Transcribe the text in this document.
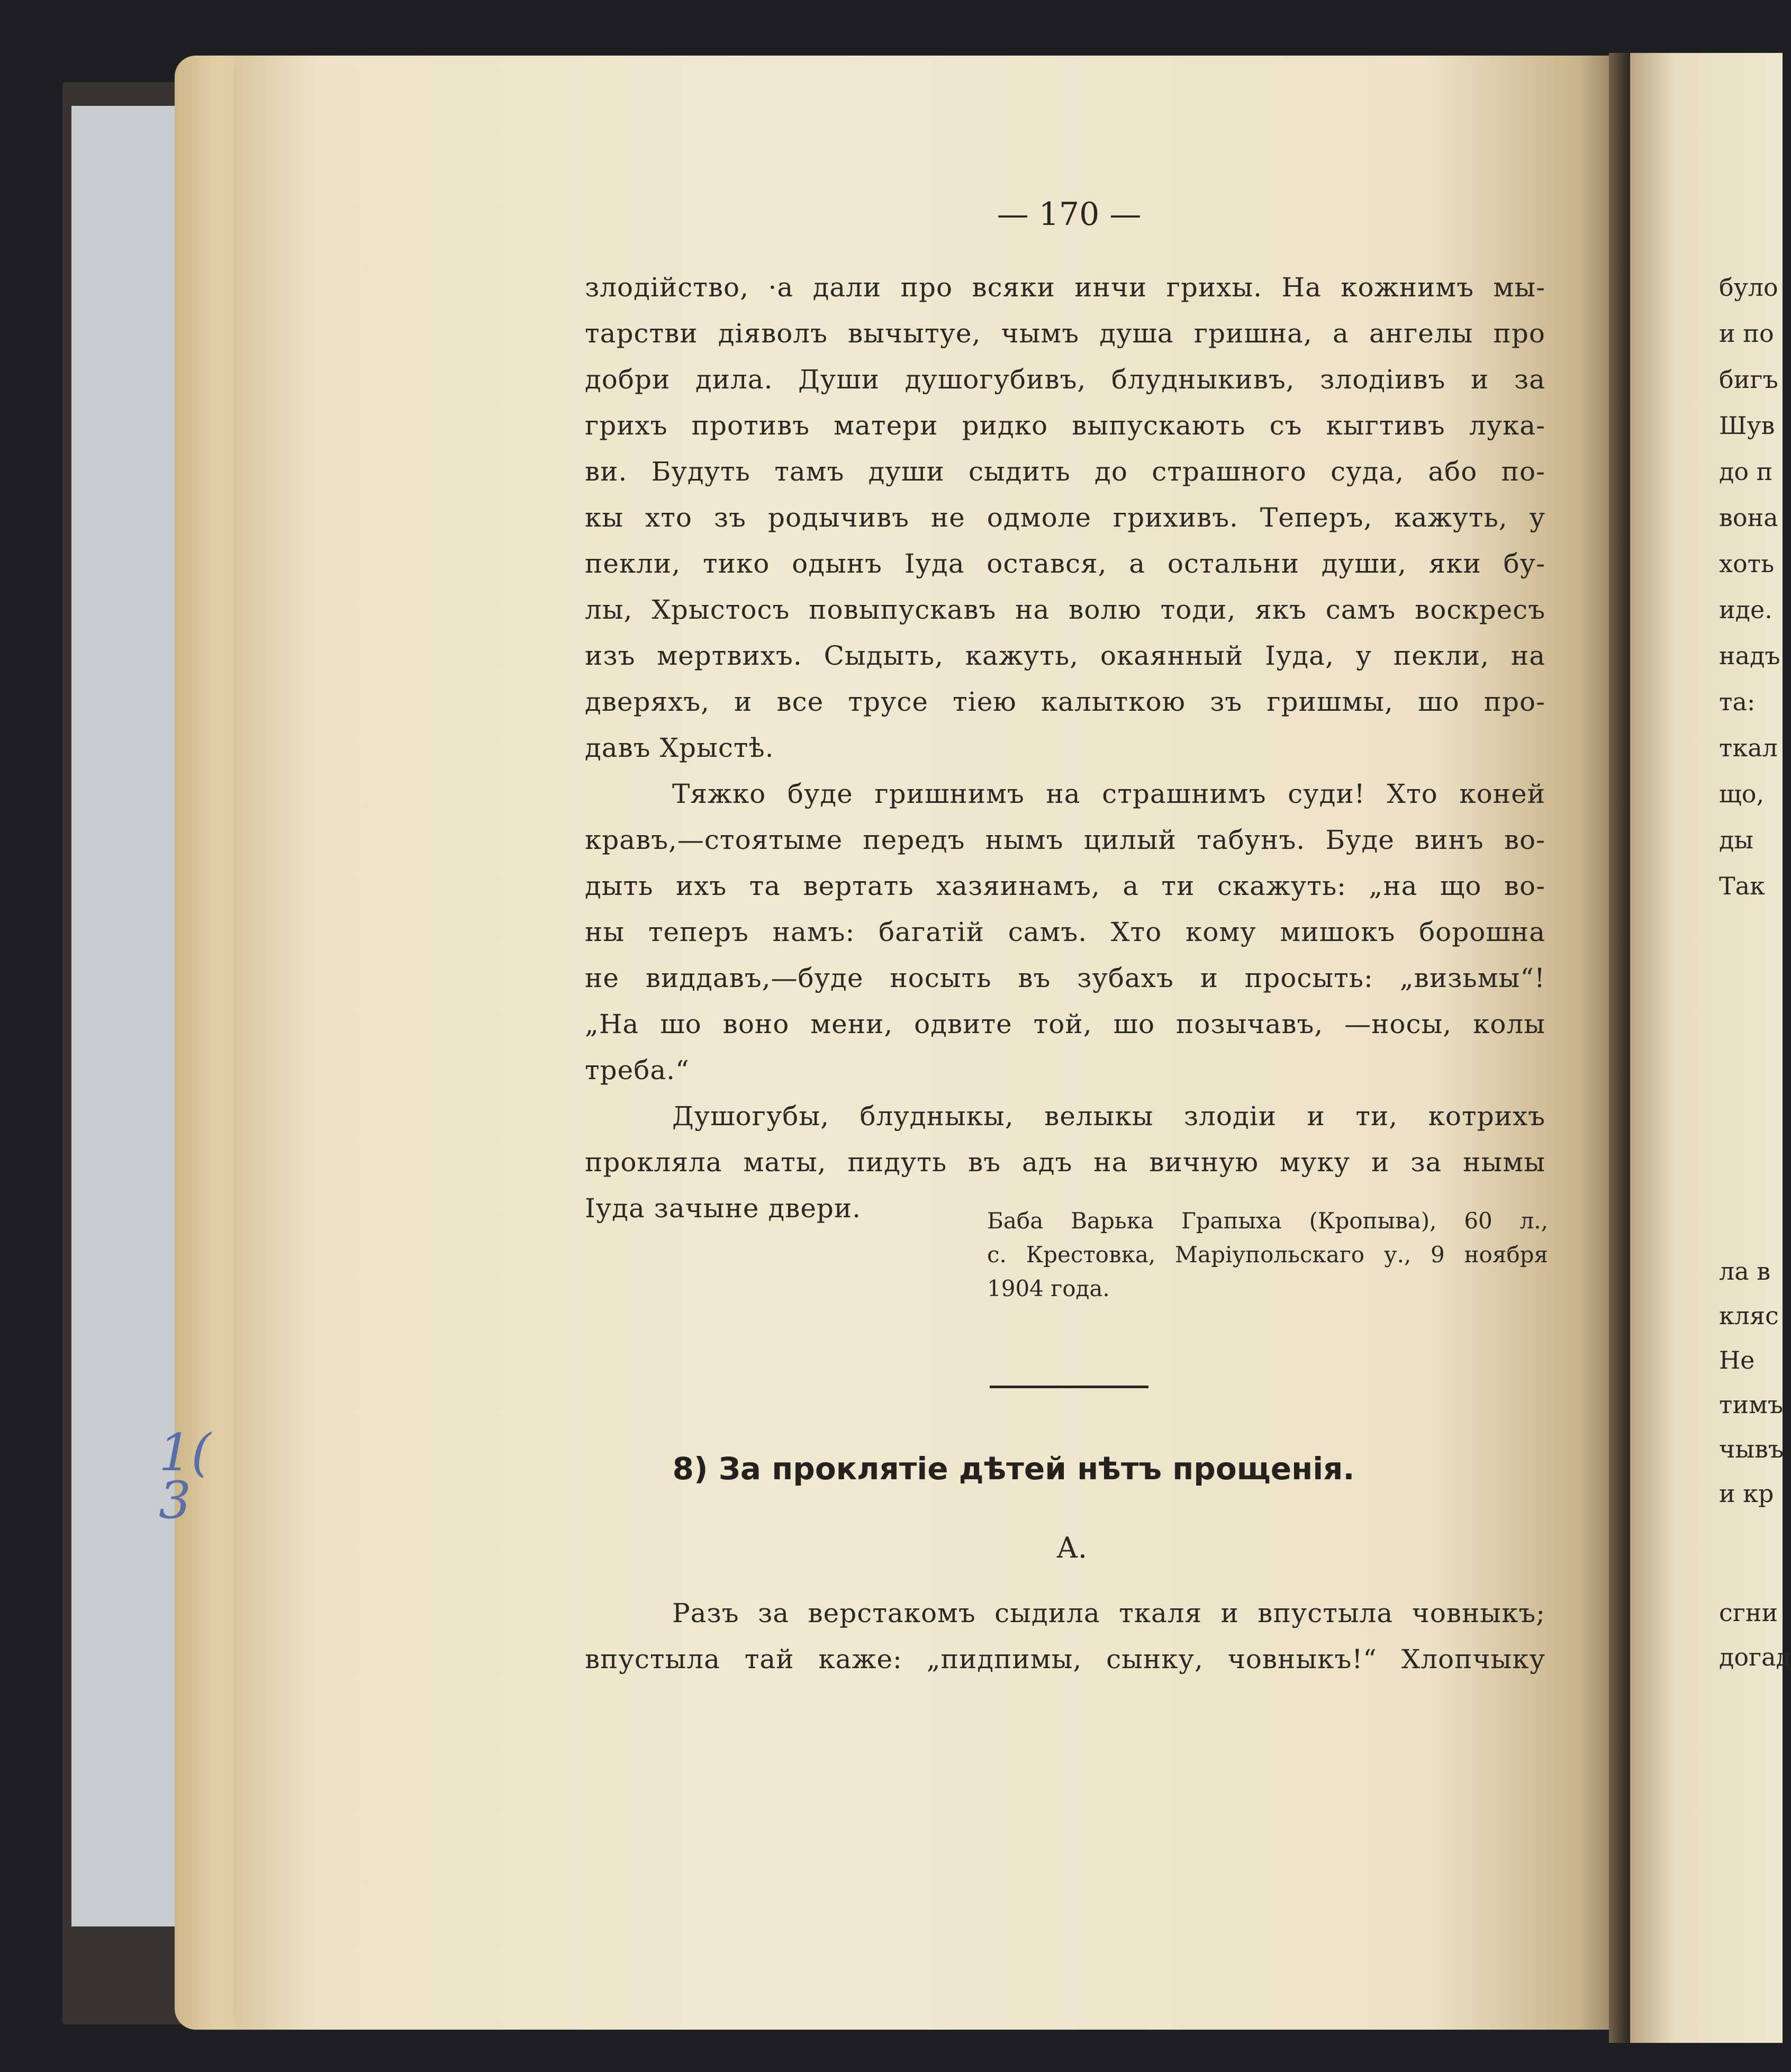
1(
3
— 170 —
злодійство, ·а дали про всяки инчи грихы. На кожнимъ мы-
тарстви діяволъ вычытуе, чымъ душа гришна, а ангелы про
добри дила. Души душогубивъ, блудныкивъ, злодіивъ и за
грихъ противъ матери ридко выпускають съ кыгтивъ лука-
ви. Будуть тамъ души сыдить до страшного суда, або по-
кы хто зъ родычивъ не одмоле грихивъ. Теперъ, кажуть, у
пекли, тико одынъ Іуда остався, а остальни души, яки бу-
лы, Хрыстосъ повыпускавъ на волю тоди, якъ самъ воскресъ
изъ мертвихъ. Сыдыть, кажуть, окаянный Іуда, у пекли, на
дверяхъ, и все трусе тіею калыткою зъ гришмы, шо про-
давъ Хрыстѣ.
Тяжко буде гришнимъ на страшнимъ суди! Хто коней
кравъ,—стоятыме передъ нымъ цилый табунъ. Буде винъ во-
дыть ихъ та вертать хазяинамъ, а ти скажуть: „на що во-
ны теперъ намъ: багатій самъ. Хто кому мишокъ борошна
не виддавъ,—буде носыть въ зубахъ и просыть: „визьмы“!
„На шо воно мени, одвите той, шо позычавъ, —носы, колы
треба.“
Душогубы, блудныкы, велыкы злодіи и ти, котрихъ
прокляла маты, пидуть въ адъ на вичную муку и за нымы
Іуда зачыне двери.	Баба Варька Грапыха (Кропыва), 60 л.,
с. Крестовка, Маріупольскаго у., 9 ноября
1904 года.
8) За проклятіе дѣтей нѣтъ прощенія.
А.
Разъ за верстакомъ сыдила ткаля и впустыла човныкъ;
впустыла тай каже: „пидпимы, сынку, човныкъ!“ Хлопчыку
було
и по
бигъ
Шув
до п
вона
хоть
иде.
надъ
та:
ткал
що,
ды
Так
ла в
кляс
Не
тимъ
чывъ
и кр
сгни
догад
